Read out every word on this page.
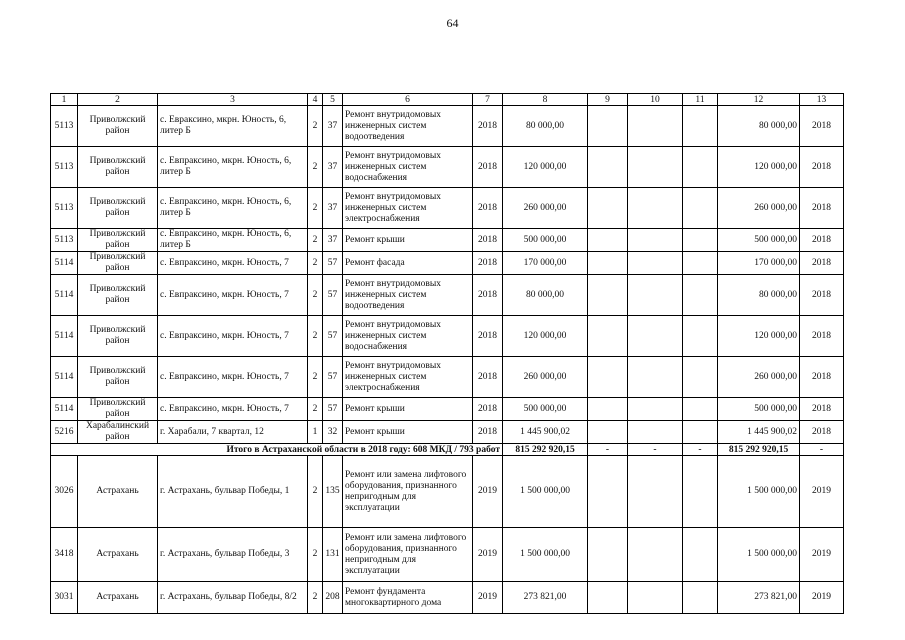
64
1	2	3	4	5	6	7	8	9	10	11	12	13
5113	Приволжский район	с. Евраксино, мкрн. Юность, 6, литер Б	2	37	Ремонт внутридомовых инженерных систем водоотведения	2018	80 000,00				80 000,00	2018
5113	Приволжский район	с. Евпраксино, мкрн. Юность, 6, литер Б	2	37	Ремонт внутридомовых инженерных систем водоснабжения	2018	120 000,00				120 000,00	2018
5113	Приволжский район	с. Евпраксино, мкрн. Юность, 6, литер Б	2	37	Ремонт внутридомовых инженерных систем электроснабжения	2018	260 000,00				260 000,00	2018
5113	Приволжский район	с. Евпраксино, мкрн. Юность, 6, литер Б	2	37	Ремонт крыши	2018	500 000,00				500 000,00	2018
5114	Приволжский район	с. Евпраксино, мкрн. Юность, 7	2	57	Ремонт фасада	2018	170 000,00				170 000,00	2018
5114	Приволжский район	с. Евпраксино, мкрн. Юность, 7	2	57	Ремонт внутридомовых инженерных систем водоотведения	2018	80 000,00				80 000,00	2018
5114	Приволжский район	с. Евпраксино, мкрн. Юность, 7	2	57	Ремонт внутридомовых инженерных систем водоснабжения	2018	120 000,00				120 000,00	2018
5114	Приволжский район	с. Евпраксино, мкрн. Юность, 7	2	57	Ремонт внутридомовых инженерных систем электроснабжения	2018	260 000,00				260 000,00	2018
5114	Приволжский район	с. Евпраксино, мкрн. Юность, 7	2	57	Ремонт крыши	2018	500 000,00				500 000,00	2018
5216	Харабалинский район	г. Харабали, 7 квартал, 12	1	32	Ремонт крыши	2018	1 445 900,02				1 445 900,02	2018
Итого в Астраханской области в 2018 году: 608 МКД / 793 работ							815 292 920,15	-	-	-	815 292 920,15	-
3026	Астрахань	г. Астрахань, бульвар Победы, 1	2	135	Ремонт или замена лифтового оборудования, признанного непригодным для эксплуатации	2019	1 500 000,00				1 500 000,00	2019
3418	Астрахань	г. Астрахань, бульвар Победы, 3	2	131	Ремонт или замена лифтового оборудования, признанного непригодным для эксплуатации	2019	1 500 000,00				1 500 000,00	2019
3031	Астрахань	г. Астрахань, бульвар Победы, 8/2	2	208	Ремонт фундамента многоквартирного дома	2019	273 821,00				273 821,00	2019
